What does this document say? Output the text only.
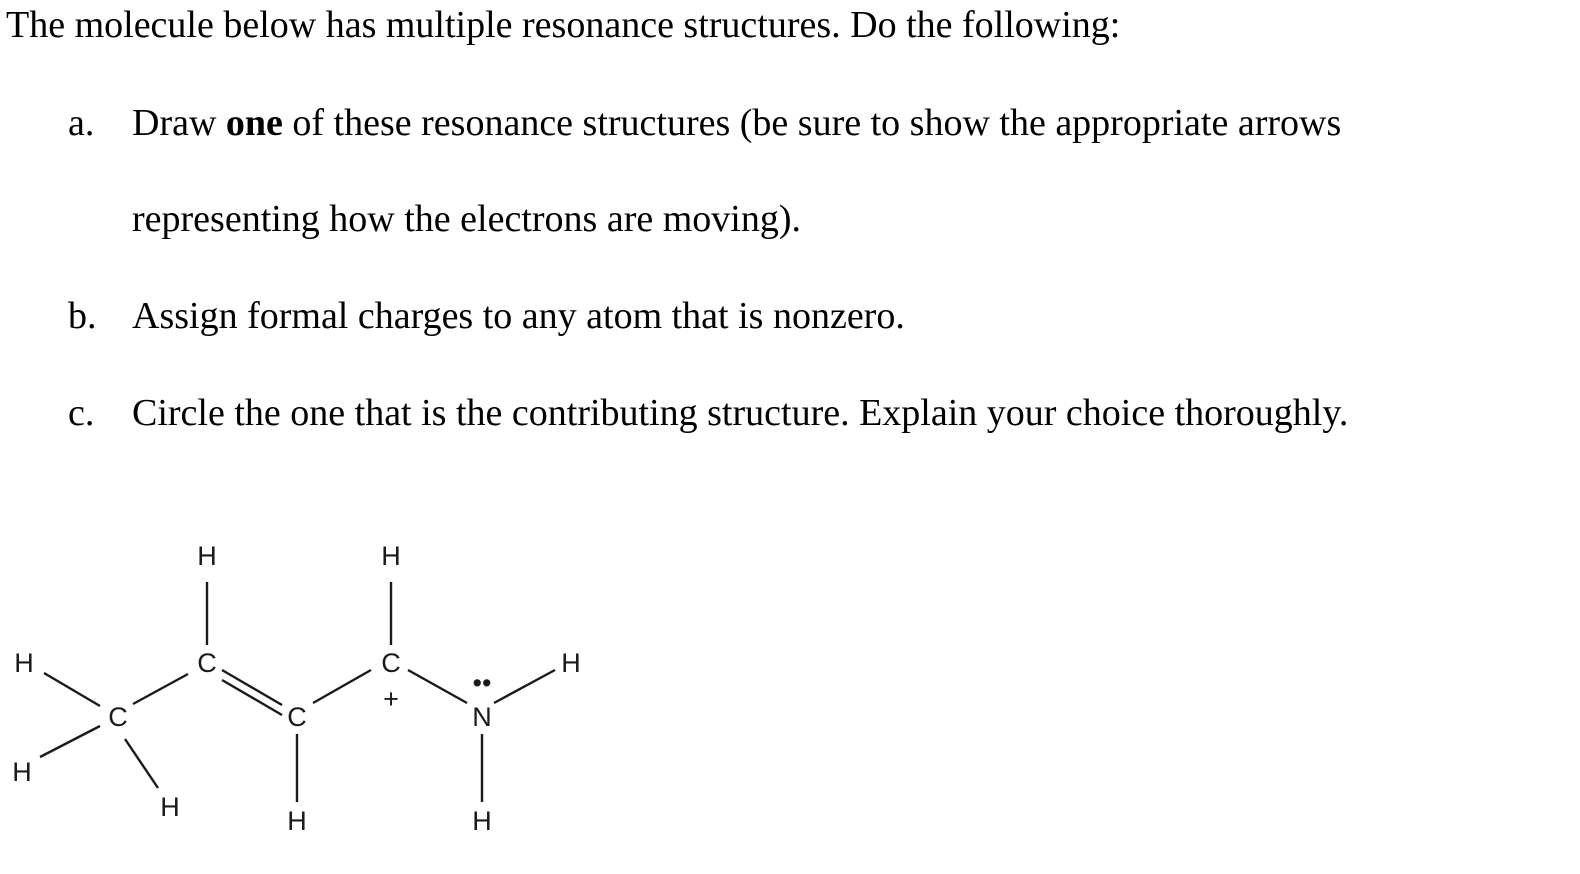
The molecule below has multiple resonance structures. Do the following:
a. Draw one of these resonance structures (be sure to show the appropriate arrows
representing how the electrons are moving).
b. Assign formal charges to any atom that is nonzero.
c. Circle the one that is the contributing structure. Explain your choice thoroughly.
H	H
H
H
C
C
C
C
+
••
N
H
H	H	H
